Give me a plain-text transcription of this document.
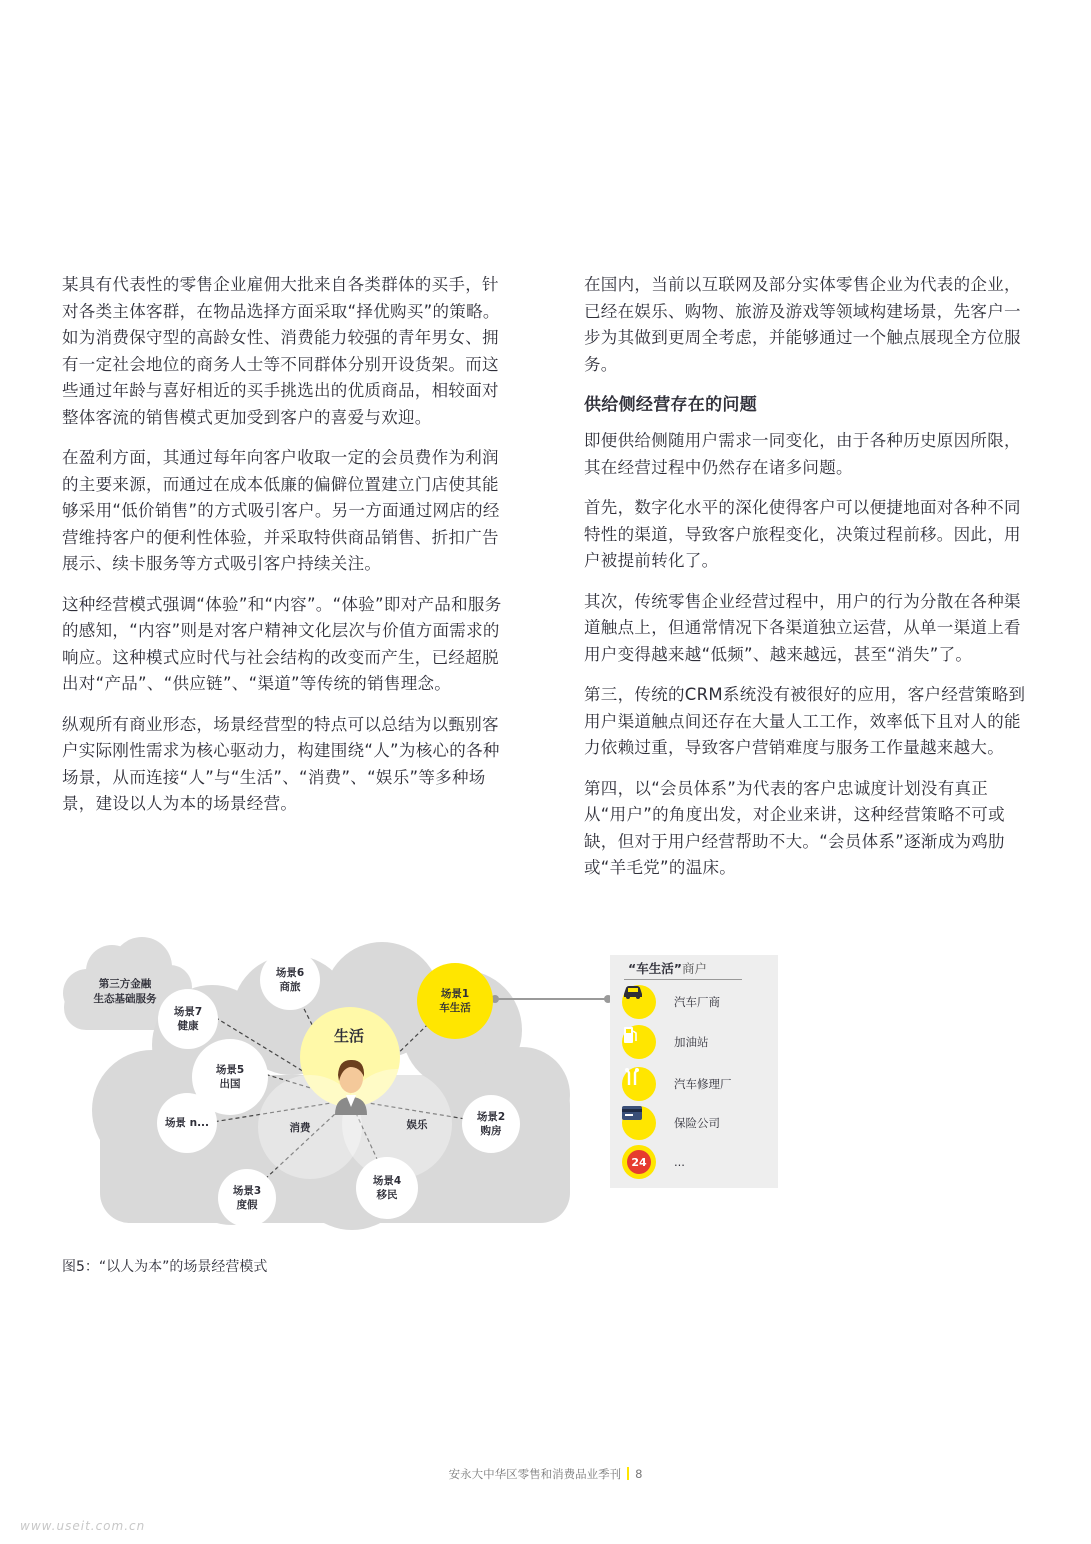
某具有代表性的零售企业雇佣大批来自各类群体的买手，针对各类主体客群，在物品选择方面采取“择优购买”的策略。如为消费保守型的高龄女性、消费能力较强的青年男女、拥有一定社会地位的商务人士等不同群体分别开设货架。而这些通过年龄与喜好相近的买手挑选出的优质商品，相较面对整体客流的销售模式更加受到客户的喜爱与欢迎。

在盈利方面，其通过每年向客户收取一定的会员费作为利润的主要来源，而通过在成本低廉的偏僻位置建立门店使其能够采用“低价销售”的方式吸引客户。另一方面通过网店的经营维持客户的便利性体验，并采取特供商品销售、折扣广告展示、续卡服务等方式吸引客户持续关注。

这种经营模式强调“体验”和“内容”。“体验”即对产品和服务的感知，“内容”则是对客户精神文化层次与价值方面需求的响应。这种模式应时代与社会结构的改变而产生，已经超脱出对“产品”、“供应链”、“渠道”等传统的销售理念。

纵观所有商业形态，场景经营型的特点可以总结为以甄别客户实际刚性需求为核心驱动力，构建围绕“人”为核心的各种场景，从而连接“人”与“生活”、“消费”、“娱乐”等多种场景，建设以人为本的场景经营。

在国内，当前以互联网及部分实体零售企业为代表的企业，已经在娱乐、购物、旅游及游戏等领域构建场景，先客户一步为其做到更周全考虑，并能够通过一个触点展现全方位服务。

供给侧经营存在的问题

即便供给侧随用户需求一同变化，由于各种历史原因所限，其在经营过程中仍然存在诸多问题。

首先，数字化水平的深化使得客户可以便捷地面对各种不同特性的渠道，导致客户旅程变化，决策过程前移。因此，用户被提前转化了。

其次，传统零售企业经营过程中，用户的行为分散在各种渠道触点上，但通常情况下各渠道独立运营，从单一渠道上看用户变得越来越“低频”、越来越远，甚至“消失”了。

第三，传统的CRM系统没有被很好的应用，客户经营策略到用户渠道触点间还存在大量人工工作，效率低下且对人的能力依赖过重，导致客户营销难度与服务工作量越来越大。

第四，以“会员体系”为代表的客户忠诚度计划没有真正从“用户”的角度出发，对企业来讲，这种经营策略不可或缺，但对于用户经营帮助不大。“会员体系”逐渐成为鸡肋或“羊毛党”的温床。

第三方金融
生态基础服务
生活
消费	娱乐
场景1
车生活
场景2
购房
场景3
度假
场景4
移民
场景5
出国
场景6
商旅
场景7
健康
场景 n...
“车生活”商户
汽车厂商
加油站
汽车修理厂
保险公司
24	...
图5：“以人为本”的场景经营模式
安永大中华区零售和消费品业季刊 8
www.useit.com.cn
